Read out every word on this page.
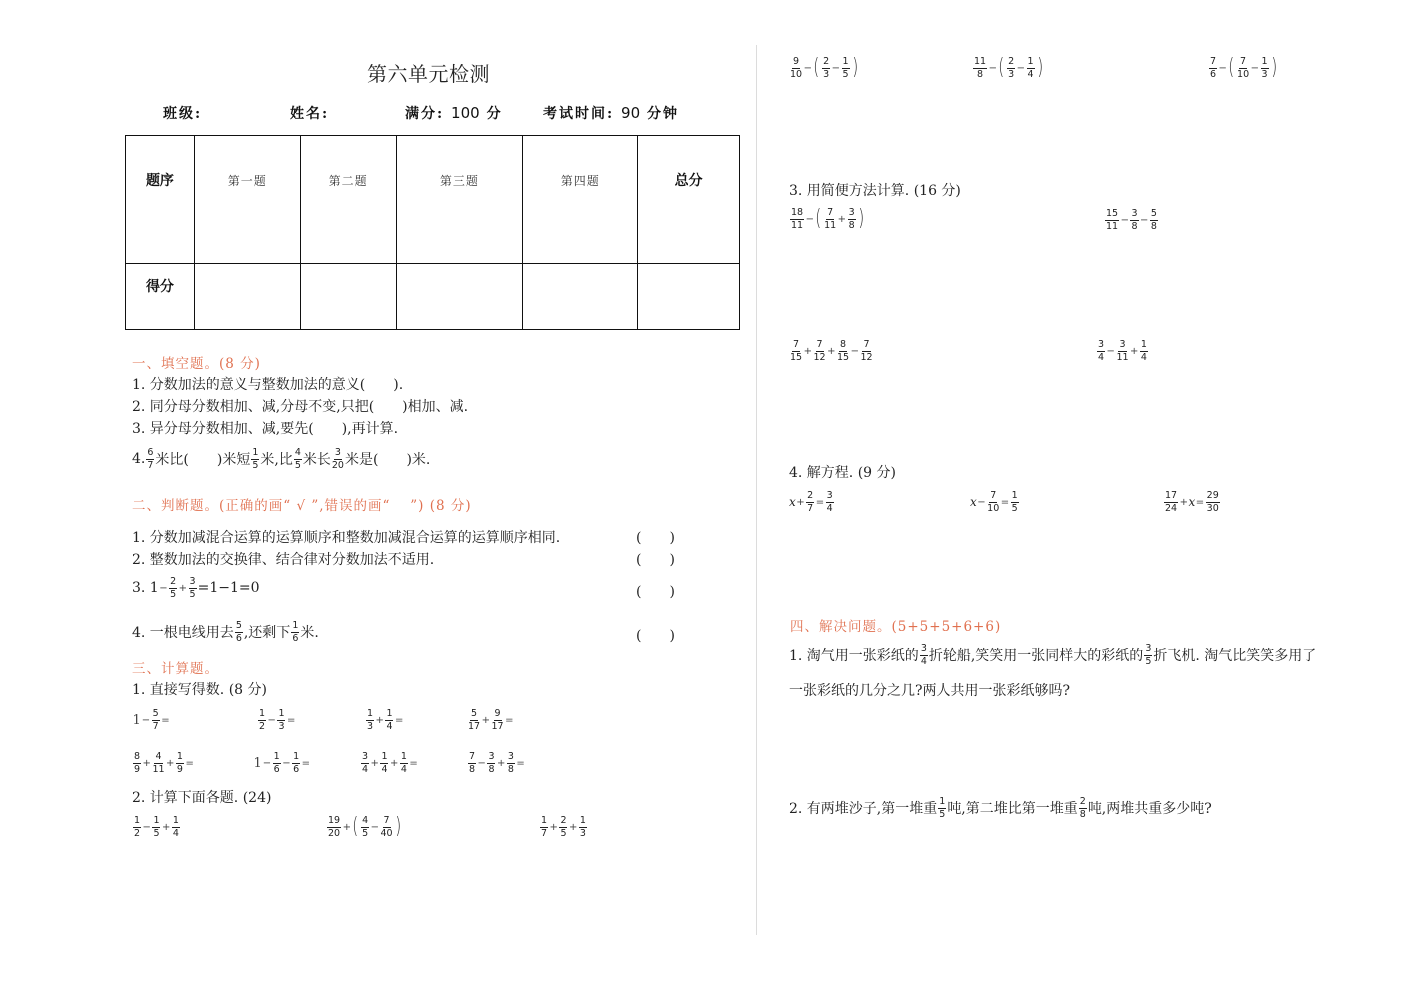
第六单元检测
班级:	姓名:	满分: 100 分	考试时间: 90 分钟
题序	$^{第一题}$	$^{第二题}$	$^{第三题}$	$^{第四题}$	总分
得分					
一、填空题。(8 分)
1. 分数加法的意义与整数加法的意义(　　).
2. 同分母分数相加、减,分母不变,只把(　　)相加、减.
3. 异分母分数相加、减,要先(　　),再计算.
4. 6
7 米比(　　)米短 1
5 米,比 4
5 米长 3
20 米是(　　)米.
二、判断题。(正确的画“ √ ”,错误的画“　 ”) (8 分)
1. 分数加减混合运算的运算顺序和整数加减混合运算的运算顺序相同.	(　　)
2. 整数加法的交换律、结合律对分数加法不适用.	(　　)
3. $1 - \frac{2}{5} + \frac{3}{5} =1-1=0$	(　　)
4. 一根电线用去 5
6 ,还剩下 1
6 米.	(　　)
三、计算题。
1. 直接写得数. (8 分)
$1 - \frac{5}{7}$ =
1
2
− $\frac{1}{3}$ =
1
3
+ $\frac{1}{4}$ =
5
17
+ $\frac{9}{17}$ =
8
9
+ $\frac{4}{11} + \frac{1}{9}$ =	$1 - \frac{1}{6} - \frac{1}{6}$ =
3
4
+ $\frac{1}{4} + \frac{1}{4}$ =
7
8
− $\frac{3}{8} + \frac{3}{8}$ =
2. 计算下面各题. (24)
1
2
− $\frac{1}{5} + \frac{1}{4}$	19
20
+ ( 4
5
− $\frac{7}{40}$ )	1
7
+ $\frac{2}{5} + \frac{1}{3}$
9
10
− ( 2
3
− $\frac{1}{5}$ )	11
8
− ( 2
3
− $\frac{1}{4}$ )	7
6
− ( 7
10
− $\frac{1}{3}$ )
3. 用简便方法计算. (16 分)
18
11
− ( 7
11
+ $\frac{3}{8}$ )	15
11
− $\frac{3}{8} - \frac{5}{8}$
7
15
+ $\frac{7}{12} + \frac{8}{15} - \frac{7}{12}$	3
4
− $\frac{3}{11} + \frac{1}{4}$
4. 解方程. (9 分)
$x + \frac{2}{7} = \frac{3}{4}$	$x - \frac{7}{10} = \frac{1}{5}$	17
24
+ $x = \frac{29}{30}$
四、解决问题。(5+5+5+6+6)
1. 淘气用一张彩纸的 3
4 折轮船,笑笑用一张同样大的彩纸的 3
5 折飞机. 淘气比笑笑多用了
一张彩纸的几分之几?两人共用一张彩纸够吗?
2. 有两堆沙子,第一堆重 1
5 吨,第二堆比第一堆重 2
8 吨,两堆共重多少吨?
